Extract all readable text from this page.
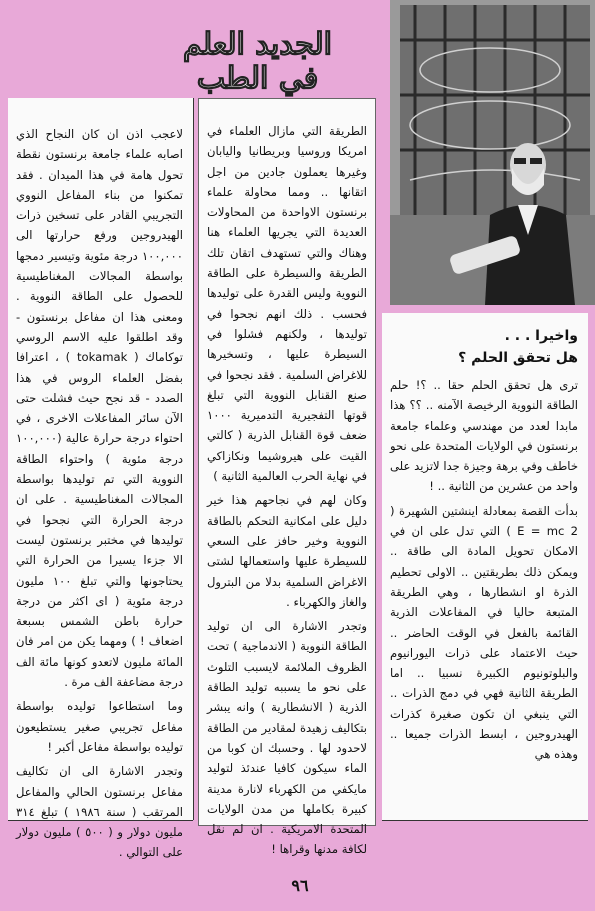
الجديد العلم
في الطب
واخيرا . . .
هل تحقق الحلم ؟

ترى هل تحقق الحلم حقا .. ؟! حلم الطاقة النووية الرخيصة الآمنه .. ؟؟ هذا مابدا لعدد من مهندسي وعلماء جامعة برنستون في الولايات المتحدة على نحو خاطف وفي برهة وجيزة جدا لاتزيد على واحد من عشرين من الثانية .. !

بدأت القصة بمعادلة اينشتين الشهيرة ( E = mc 2 ) التي تدل على ان في الامكان تحويل المادة الى طاقة .. ويمكن ذلك بطريقتين .. الاولى تحطيم الذرة او انشطارها ، وهي الطريقة المتبعة حاليا في المفاعلات الذرية القائمة بالفعل في الوقت الحاضر .. حيث الاعتماد على ذرات اليورانيوم والبلوتونيوم الكبيرة نسبيا .. اما الطريقة الثانية فهي في دمج الذرات .. التي ينبغي ان تكون صغيرة كذرات الهيدروجين ، ابسط الذرات جميعا .. وهذه هي

الطريقة التي مازال العلماء في امريكا وروسيا وبريطانيا واليابان وغيرها يعملون جادين من اجل اتقانها .. ومما محاولة علماء برنستون الاواحدة من المحاولات العديدة التي يجريها العلماء هنا وهناك والتي تستهدف اتقان تلك الطريقة والسيطرة على الطاقة النووية وليس القدرة على توليدها فحسب . ذلك انهم نجحوا في توليدها ، ولكنهم فشلوا في السيطرة عليها ، وتسخيرها للاغراض السلمية . فقد نجحوا في صنع القنابل النووية التي تبلغ قوتها التفجيرية التدميرية ١٠٠٠ ضعف قوة القنابل الذرية ( كالتي القيت على هيروشيما ونكازاكي في نهاية الحرب العالمية الثانية )

وكان لهم في نجاحهم هذا خير دليل على امكانية التحكم بالطاقة النووية وخير حافز على السعي للسيطرة عليها واستعمالها لشتى الاغراض السلمية بدلا من البترول والغاز والكهرباء .

وتجدر الاشارة الى ان توليد الطاقة النووية ( الاندماجية ) تحت الظروف الملائمة لايسبب التلوث على نحو ما يسببه توليد الطاقة الذرية ( الانشطارية ) وانه يبشر بتكاليف زهيدة لمقادير من الطاقة لاحدود لها . وحسبك ان كوبا من الماء سيكون كافيا عندئذ لتوليد مايكفي من الكهرباء لانارة مدينة كبيرة بكاملها من مدن الولايات المتحدة الامريكية . ان لم نقل لكافة مدنها وقراها !

لاعجب اذن ان كان النجاح الذي اصابه علماء جامعة برنستون نقطة تحول هامة في هذا الميدان . فقد تمكنوا من بناء المفاعل النووي التجريبي القادر على تسخين ذرات الهيدروجين ورفع حرارتها الى ١٠٠,٠٠٠ درجة مئوية وتيسير دمجها بواسطة المجالات المغناطيسية للحصول على الطاقة النووية . ومعنى هذا ان مفاعل برنستون - وقد اطلقوا عليه الاسم الروسي توكاماك ( tokamak ) ، اعترافا بفضل العلماء الروس في هذا الصدد - قد نجح حيث فشلت حتى الآن سائر المفاعلات الاخرى ، في احتواء درجة حرارة عالية (١٠٠,٠٠٠ درجة مئوية ) واحتواء الطاقة النووية التي تم توليدها بواسطة المجالات المغناطيسية . على ان درجة الحرارة التي نجحوا في توليدها في مختبر برنستون ليست الا جزءا يسيرا من الحرارة التي يحتاجونها والتي تبلغ ١٠٠ مليون درجة مئوية ( اى اكثر من درجة حرارة باطن الشمس بسبعة اضعاف ! ) ومهما يكن من امر فان المائة مليون لاتعدو كونها مائة الف درجة مضاعفة الف مرة .

وما استطاعوا توليده بواسطة مفاعل تجريبي صغير يستطيعون توليده بواسطة مفاعل أكبر !

وتجدر الاشارة الى ان تكاليف مفاعل برنستون الحالي والمفاعل المرتقب ( سنة ١٩٨٦ ) تبلغ ٣١٤ مليون دولار و ( ٥٠٠ ) مليون دولار على التوالي .

٩٦
